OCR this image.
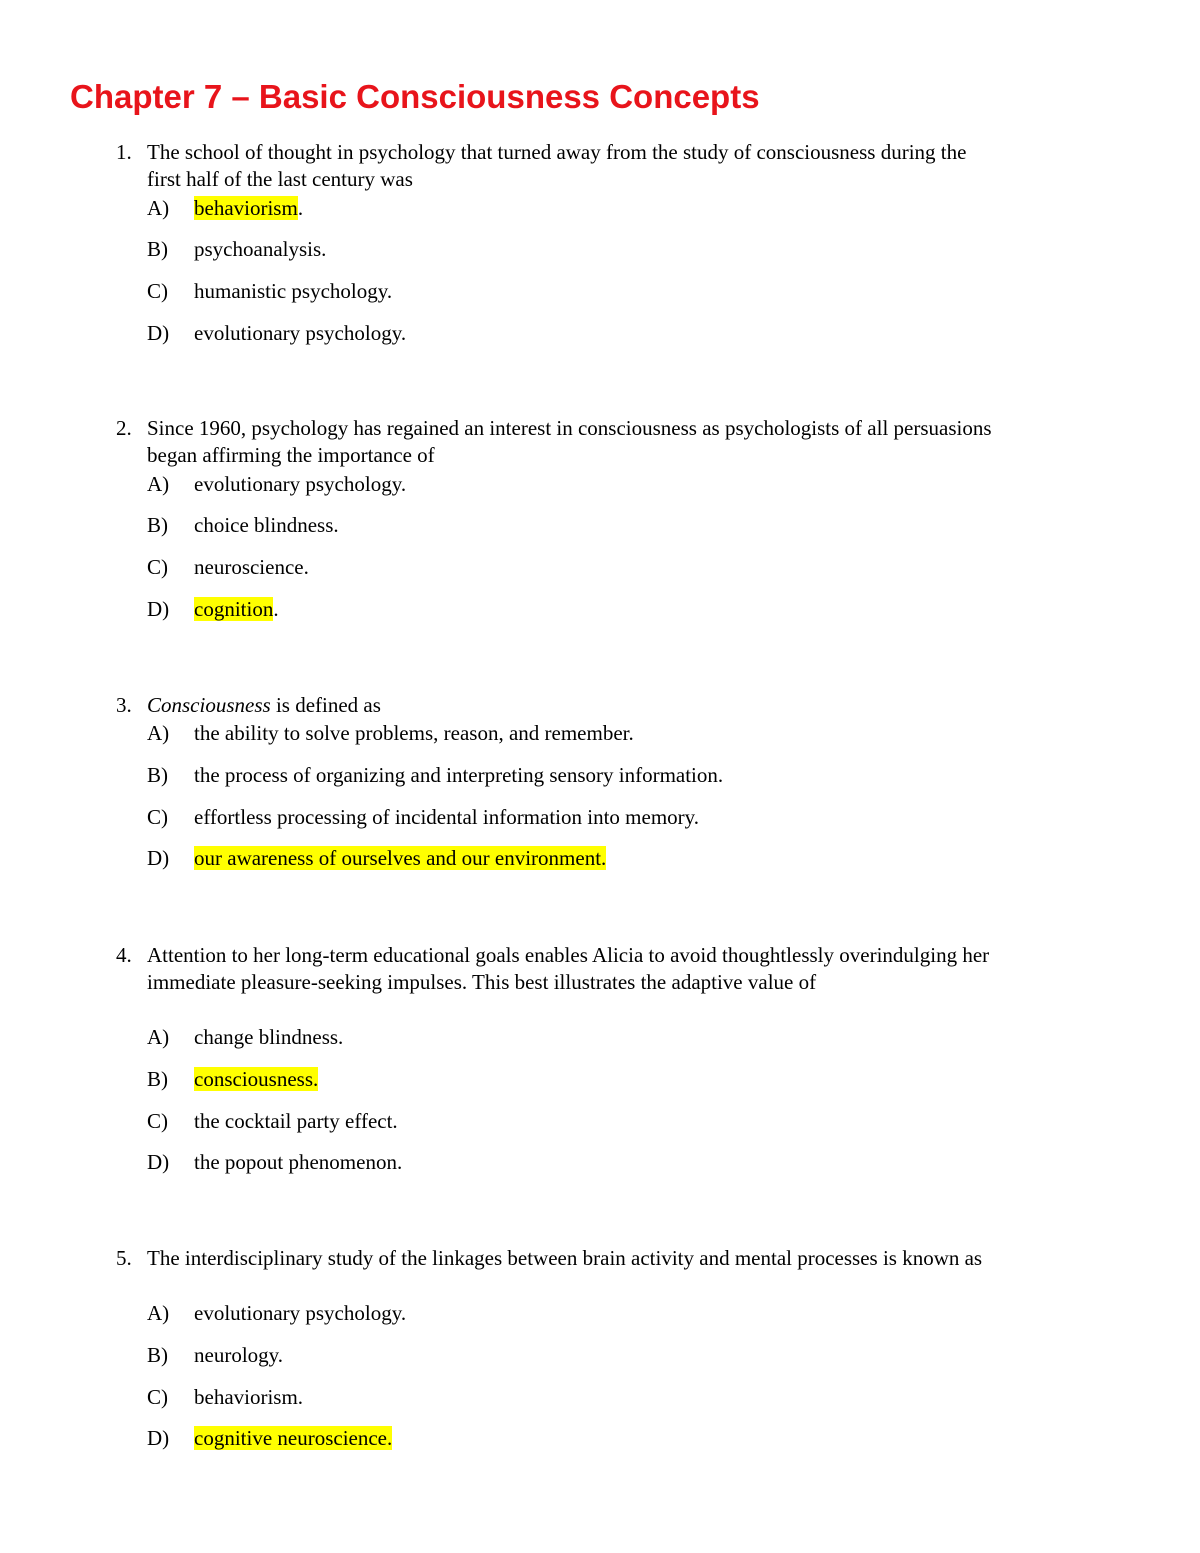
Chapter 7 – Basic Consciousness Concepts
1. The school of thought in psychology that turned away from the study of consciousness during the first half of the last century was

A) behaviorism.
B) psychoanalysis.
C) humanistic psychology.
D) evolutionary psychology.
2. Since 1960, psychology has regained an interest in consciousness as psychologists of all persuasions began affirming the importance of

A) evolutionary psychology.
B) choice blindness.
C) neuroscience.
D) cognition.
3. Consciousness is defined as

A) the ability to solve problems, reason, and remember.
B) the process of organizing and interpreting sensory information.
C) effortless processing of incidental information into memory.
D) our awareness of ourselves and our environment.
4. Attention to her long-term educational goals enables Alicia to avoid thoughtlessly overindulging her immediate pleasure-seeking impulses. This best illustrates the adaptive value of

A) change blindness.
B) consciousness.
C) the cocktail party effect.
D) the popout phenomenon.
5. The interdisciplinary study of the linkages between brain activity and mental processes is known as

A) evolutionary psychology.
B) neurology.
C) behaviorism.
D) cognitive neuroscience.
